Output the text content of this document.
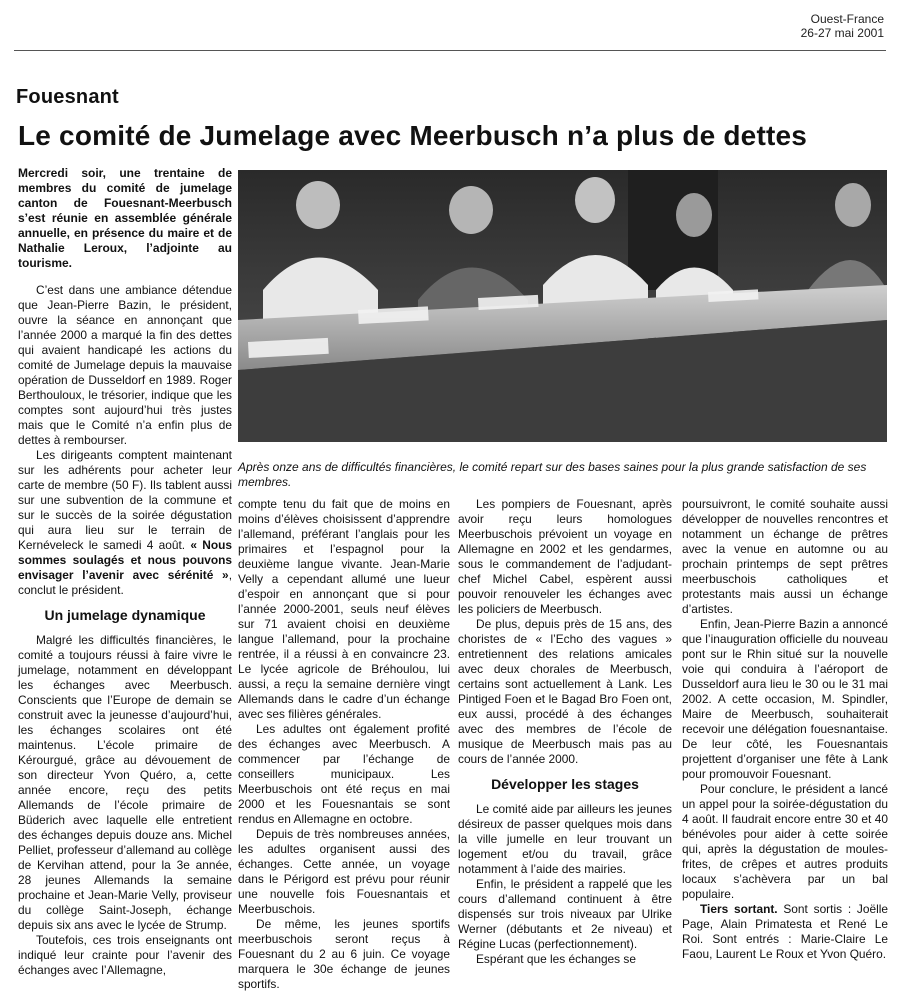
Ouest-France
26-27 mai 2001
Fouesnant
Le comité de Jumelage avec Meerbusch n’a plus de dettes

Mercredi soir, une trentaine de membres du comité de jumelage canton de Fouesnant-Meerbusch s’est réunie en assemblée générale annuelle, en présence du maire et de Nathalie Leroux, l’adjointe au tourisme.

C’est dans une ambiance détendue que Jean-Pierre Bazin, le président, ouvre la séance en annonçant que l’année 2000 a marqué la fin des dettes qui avaient handicapé les actions du comité de Jumelage depuis la mauvaise opération de Dusseldorf en 1989. Roger Berthouloux, le trésorier, indique que les comptes sont aujourd’hui très justes mais que le Comité n’a enfin plus de dettes à rembourser.

Les dirigeants comptent maintenant sur les adhérents pour acheter leur carte de membre (50 F). Ils tablent aussi sur une subvention de la commune et sur le succès de la soirée dégustation qui aura lieu sur le terrain de Kernéveleck le samedi 4 août. « Nous sommes soulagés et nous pouvons envisager l’avenir avec sérénité », conclut le président.

Un jumelage dynamique

Malgré les difficultés financières, le comité a toujours réussi à faire vivre le jumelage, notamment en développant les échanges avec Meerbusch. Conscients que l’Europe de demain se construit avec la jeunesse d’aujourd’hui, les échanges scolaires ont été maintenus. L’école primaire de Kérourgué, grâce au dévouement de son directeur Yvon Quéro, a, cette année encore, reçu des petits Allemands de l’école primaire de Büderich avec laquelle elle entretient des échanges depuis douze ans. Michel Pelliet, professeur d’allemand au collège de Kervihan attend, pour la 3e année, 28 jeunes Allemands la semaine prochaine et Jean-Marie Velly, proviseur du collège Saint-Joseph, échange depuis six ans avec le lycée de Strump.

Toutefois, ces trois enseignants ont indiqué leur crainte pour l’avenir des échanges avec l’Allemagne,

Après onze ans de difficultés financières, le comité repart sur des bases saines pour la plus grande satisfaction de ses membres.

compte tenu du fait que de moins en moins d’élèves choisissent d’apprendre l’allemand, préférant l’anglais pour les primaires et l’espagnol pour la deuxième langue vivante. Jean-Marie Velly a cependant allumé une lueur d’espoir en annonçant que si pour l’année 2000-2001, seuls neuf élèves sur 71 avaient choisi en deuxième langue l’allemand, pour la prochaine rentrée, il a réussi à en convaincre 23. Le lycée agricole de Bréhoulou, lui aussi, a reçu la semaine dernière vingt Allemands dans le cadre d’un échange avec ses filières générales.

Les adultes ont également profité des échanges avec Meerbusch. A commencer par l’échange de conseillers municipaux. Les Meerbuschois ont été reçus en mai 2000 et les Fouesnantais se sont rendus en Allemagne en octobre.

Depuis de très nombreuses années, les adultes organisent aussi des échanges. Cette année, un voyage dans le Périgord est prévu pour réunir une nouvelle fois Fouesnantais et Meerbuschois.

De même, les jeunes sportifs meerbuschois seront reçus à Fouesnant du 2 au 6 juin. Ce voyage marquera le 30e échange de jeunes sportifs.

Les pompiers de Fouesnant, après avoir reçu leurs homologues Meerbuschois prévoient un voyage en Allemagne en 2002 et les gendarmes, sous le commandement de l’adjudant-chef Michel Cabel, espèrent aussi pouvoir renouveler les échanges avec les policiers de Meerbusch.

De plus, depuis près de 15 ans, des choristes de « l’Echo des vagues » entretiennent des relations amicales avec deux chorales de Meerbusch, certains sont actuellement à Lank. Les Pintiged Foen et le Bagad Bro Foen ont, eux aussi, procédé à des échanges avec des membres de l’école de musique de Meerbusch mais pas au cours de l’année 2000.

Développer les stages

Le comité aide par ailleurs les jeunes désireux de passer quelques mois dans la ville jumelle en leur trouvant un logement et/ou du travail, grâce notamment à l’aide des mairies.

Enfin, le président a rappelé que les cours d’allemand continuent à être dispensés sur trois niveaux par Ulrike Werner (débutants et 2e niveau) et Régine Lucas (perfectionnement).

Espérant que les échanges se

poursuivront, le comité souhaite aussi développer de nouvelles rencontres et notamment un échange de prêtres avec la venue en automne ou au prochain printemps de sept prêtres meerbuschois catholiques et protestants mais aussi un échange d’artistes.

Enfin, Jean-Pierre Bazin a annoncé que l’inauguration officielle du nouveau pont sur le Rhin situé sur la nouvelle voie qui conduira à l’aéroport de Dusseldorf aura lieu le 30 ou le 31 mai 2002. A cette occasion, M. Spindler, Maire de Meerbusch, souhaiterait recevoir une délégation fouesnantaise. De leur côté, les Fouesnantais projettent d’organiser une fête à Lank pour promouvoir Fouesnant.

Pour conclure, le président a lancé un appel pour la soirée-dégustation du 4 août. Il faudrait encore entre 30 et 40 bénévoles pour aider à cette soirée qui, après la dégustation de moules-frites, de crêpes et autres produits locaux s’achèvera par un bal populaire.

Tiers sortant. Sont sortis : Joëlle Page, Alain Primatesta et René Le Roi. Sont entrés : Marie-Claire Le Faou, Laurent Le Roux et Yvon Quéro.
